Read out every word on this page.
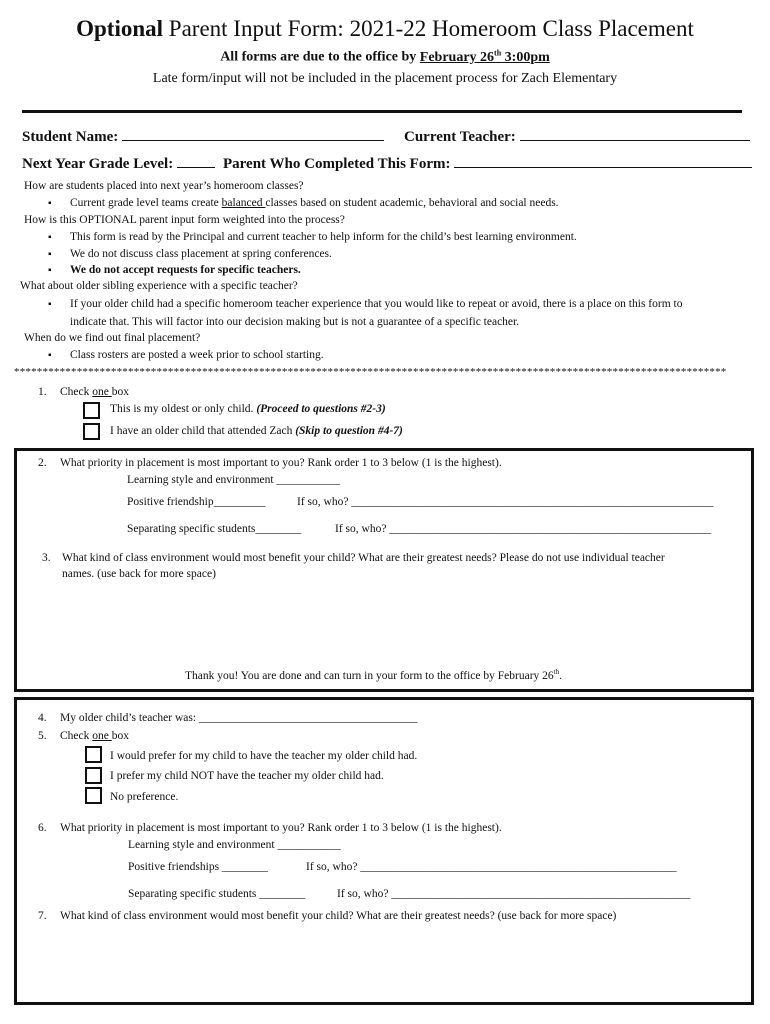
Optional Parent Input Form: 2021-22 Homeroom Class Placement
All forms are due to the office by February 26th 3:00pm
Late form/input will not be included in the placement process for Zach Elementary
Student Name:	Current Teacher:
Next Year Grade Level:	Parent Who Completed This Form:
How are students placed into next year’s homeroom classes?
▪ Current grade level teams create balanced classes based on student academic, behavioral and social needs.
How is this OPTIONAL parent input form weighted into the process?
▪ This form is read by the Principal and current teacher to help inform for the child’s best learning environment.
▪ We do not discuss class placement at spring conferences.
▪ We do not accept requests for specific teachers.
What about older sibling experience with a specific teacher?
▪ If your older child had a specific homeroom teacher experience that you would like to repeat or avoid, there is a place on this form to
indicate that. This will factor into our decision making but is not a guarantee of a specific teacher.
When do we find out final placement?
▪ Class rosters are posted a week prior to school starting.
*****************************************************************************************************************************
1. Check one box
This is my oldest or only child. (Proceed to questions #2-3)
I have an older child that attended Zach (Skip to question #4-7)
2. What priority in placement is most important to you? Rank order 1 to 3 below (1 is the highest).
Learning style and environment ___________
Positive friendship_________	If so, who? _______________________________________________________________
Separating specific students________	If so, who? ________________________________________________________
3. What kind of class environment would most benefit your child? What are their greatest needs? Please do not use individual teacher
names. (use back for more space)
Thank you! You are done and can turn in your form to the office by February 26th.
4. My older child’s teacher was: ______________________________________
5. Check one box
I would prefer for my child to have the teacher my older child had.
I prefer my child NOT have the teacher my older child had.
No preference.
6. What priority in placement is most important to you? Rank order 1 to 3 below (1 is the highest).
Learning style and environment ___________
Positive friendships ________	If so, who? _______________________________________________________
Separating specific students ________	If so, who? ____________________________________________________
7. What kind of class environment would most benefit your child? What are their greatest needs? (use back for more space)
